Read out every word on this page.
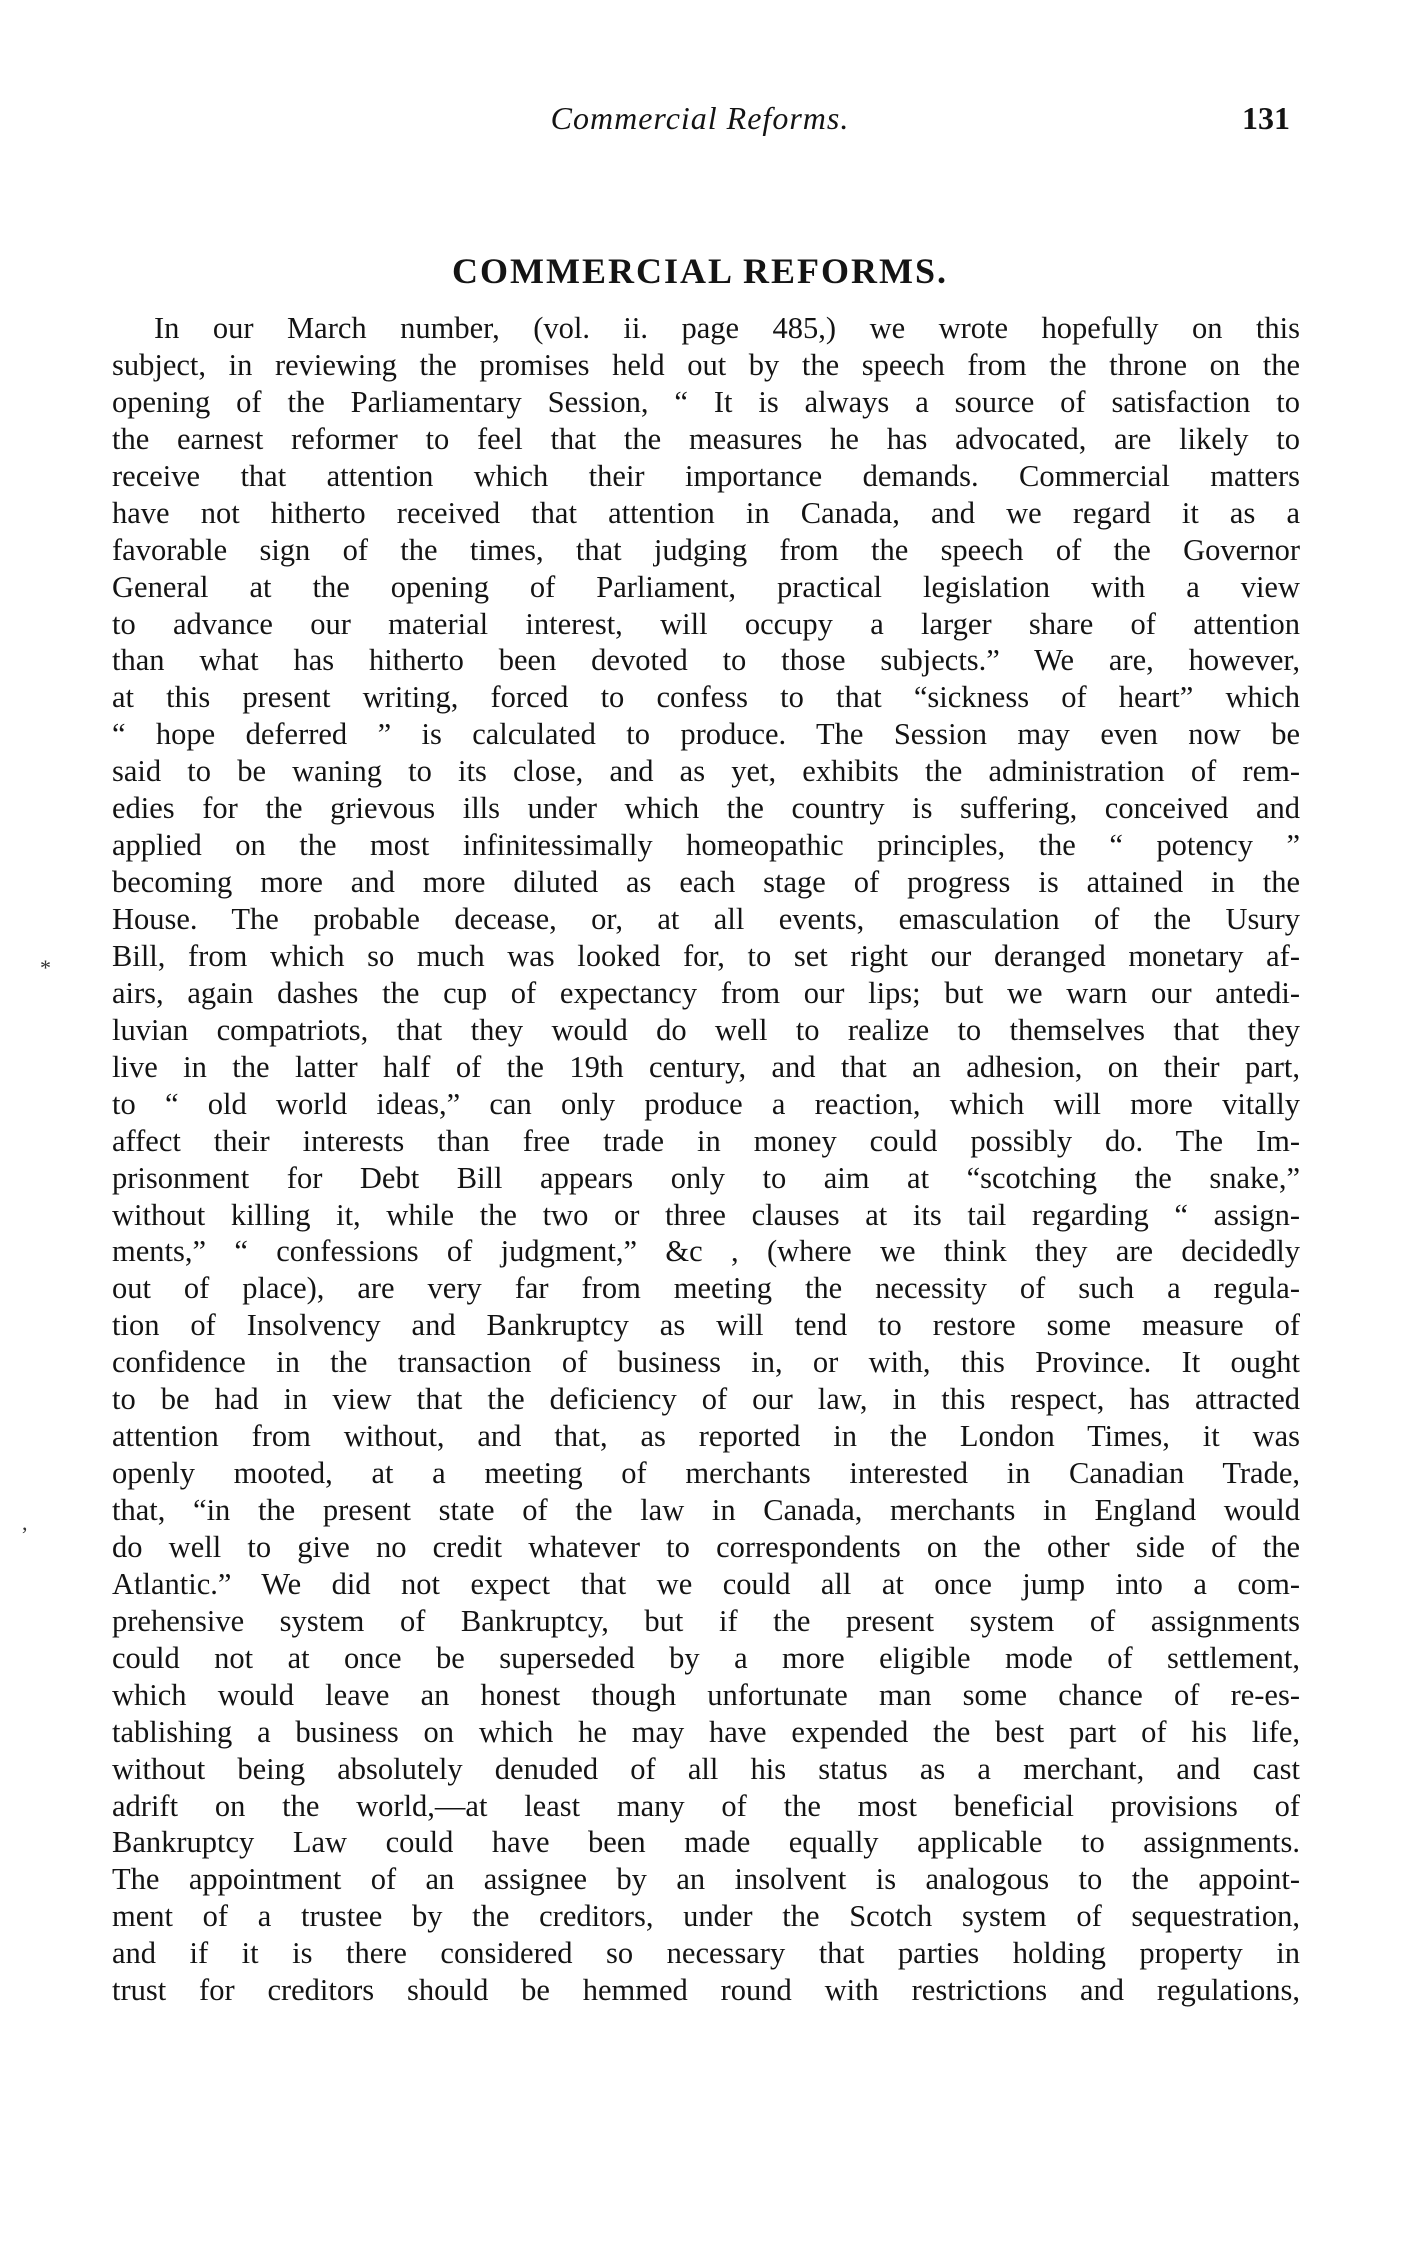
Commercial Reforms.	131
COMMERCIAL REFORMS.
*
,
In our March number, (vol. ii. page 485,) we wrote hopefully on this
subject, in reviewing the promises held out by the speech from the throne on the
opening of the Parliamentary Session, “ It is always a source of satisfaction to
the earnest reformer to feel that the measures he has advocated, are likely to
receive that attention which their importance demands. Commercial matters
have not hitherto received that attention in Canada, and we regard it as a
favorable sign of the times, that judging from the speech of the Governor
General at the opening of Parliament, practical legislation with a view
to advance our material interest, will occupy a larger share of attention
than what has hitherto been devoted to those subjects.” We are, however,
at this present writing, forced to confess to that “sickness of heart” which
“ hope deferred ” is calculated to produce. The Session may even now be
said to be waning to its close, and as yet, exhibits the administration of rem-
edies for the grievous ills under which the country is suffering, conceived and
applied on the most infinitessimally homeopathic principles, the “ potency ”
becoming more and more diluted as each stage of progress is attained in the
House. The probable decease, or, at all events, emasculation of the Usury
Bill, from which so much was looked for, to set right our deranged monetary af-
airs, again dashes the cup of expectancy from our lips; but we warn our antedi-
luvian compatriots, that they would do well to realize to themselves that they
live in the latter half of the 19th century, and that an adhesion, on their part,
to “ old world ideas,” can only produce a reaction, which will more vitally
affect their interests than free trade in money could possibly do. The Im-
prisonment for Debt Bill appears only to aim at “scotching the snake,”
without killing it, while the two or three clauses at its tail regarding “ assign-
ments,” “ confessions of judgment,” &c , (where we think they are decidedly
out of place), are very far from meeting the necessity of such a regula-
tion of Insolvency and Bankruptcy as will tend to restore some measure of
confidence in the transaction of business in, or with, this Province. It ought
to be had in view that the deficiency of our law, in this respect, has attracted
attention from without, and that, as reported in the London Times, it was
openly mooted, at a meeting of merchants interested in Canadian Trade,
that, “in the present state of the law in Canada, merchants in England would
do well to give no credit whatever to correspondents on the other side of the
Atlantic.” We did not expect that we could all at once jump into a com-
prehensive system of Bankruptcy, but if the present system of assignments
could not at once be superseded by a more eligible mode of settlement,
which would leave an honest though unfortunate man some chance of re-es-
tablishing a business on which he may have expended the best part of his life,
without being absolutely denuded of all his status as a merchant, and cast
adrift on the world,—at least many of the most beneficial provisions of
Bankruptcy Law could have been made equally applicable to assignments.
The appointment of an assignee by an insolvent is analogous to the appoint-
ment of a trustee by the creditors, under the Scotch system of sequestration,
and if it is there considered so necessary that parties holding property in
trust for creditors should be hemmed round with restrictions and regulations,
